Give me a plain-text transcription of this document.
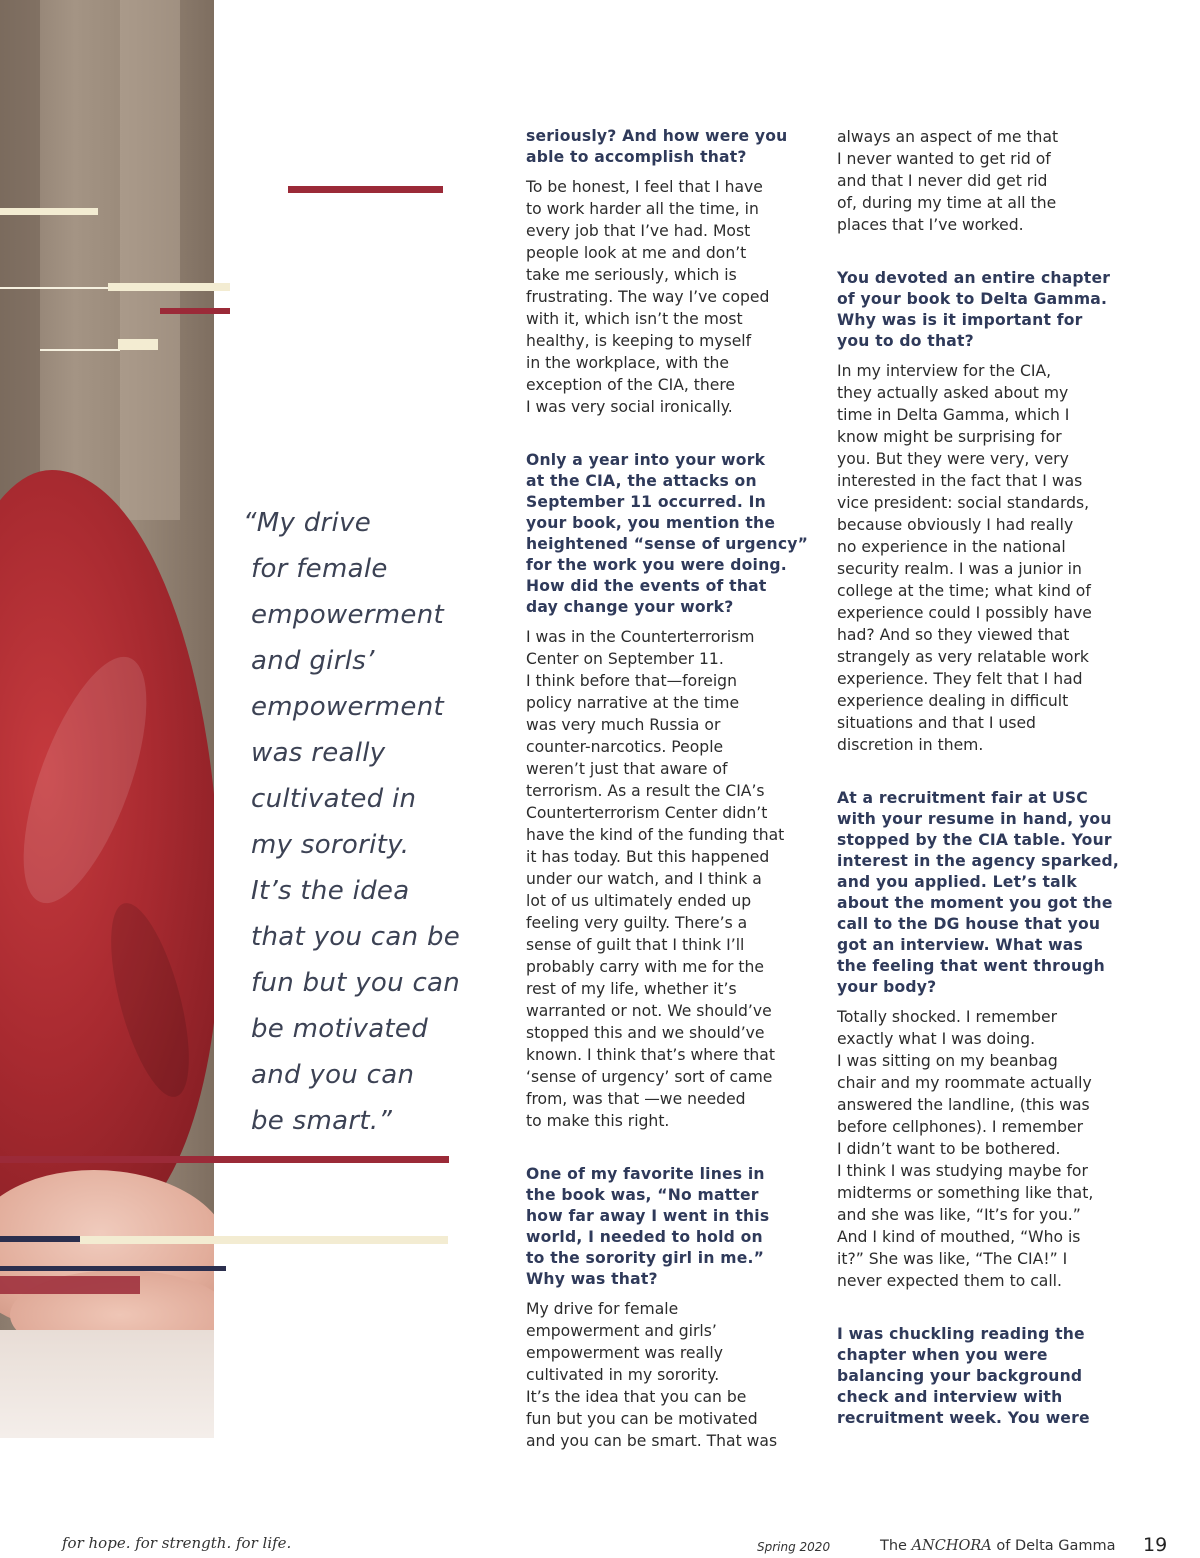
“My drive
for female
empowerment
and girls’
empowerment
was really
cultivated in
my sorority.
It’s the idea
that you can be
fun but you can
be motivated
and you can
be smart.”
seriously? And how were you
able to accomplish that?
To be honest, I feel that I have
to work harder all the time, in
every job that I’ve had. Most
people look at me and don’t
take me seriously, which is
frustrating. The way I’ve coped
with it, which isn’t the most
healthy, is keeping to myself
in the workplace, with the
exception of the CIA, there
I was very social ironically.
Only a year into your work
at the CIA, the attacks on
September 11 occurred. In
your book, you mention the
heightened “sense of urgency”
for the work you were doing.
How did the events of that
day change your work?
I was in the Counterterrorism
Center on September 11.
I think before that—foreign
policy narrative at the time
was very much Russia or
counter-narcotics. People
weren’t just that aware of
terrorism. As a result the CIA’s
Counterterrorism Center didn’t
have the kind of the funding that
it has today. But this happened
under our watch, and I think a
lot of us ultimately ended up
feeling very guilty. There’s a
sense of guilt that I think I’ll
probably carry with me for the
rest of my life, whether it’s
warranted or not. We should’ve
stopped this and we should’ve
known. I think that’s where that
‘sense of urgency’ sort of came
from, was that —we needed
to make this right.
One of my favorite lines in
the book was, “No matter
how far away I went in this
world, I needed to hold on
to the sorority girl in me.”
Why was that?
My drive for female
empowerment and girls’
empowerment was really
cultivated in my sorority.
It’s the idea that you can be
fun but you can be motivated
and you can be smart. That was
always an aspect of me that
I never wanted to get rid of
and that I never did get rid
of, during my time at all the
places that I’ve worked.
You devoted an entire chapter
of your book to Delta Gamma.
Why was is it important for
you to do that?
In my interview for the CIA,
they actually asked about my
time in Delta Gamma, which I
know might be surprising for
you. But they were very, very
interested in the fact that I was
vice president: social standards,
because obviously I had really
no experience in the national
security realm. I was a junior in
college at the time; what kind of
experience could I possibly have
had? And so they viewed that
strangely as very relatable work
experience. They felt that I had
experience dealing in difficult
situations and that I used
discretion in them.
At a recruitment fair at USC
with your resume in hand, you
stopped by the CIA table. Your
interest in the agency sparked,
and you applied. Let’s talk
about the moment you got the
call to the DG house that you
got an interview. What was
the feeling that went through
your body?
Totally shocked. I remember
exactly what I was doing.
I was sitting on my beanbag
chair and my roommate actually
answered the landline, (this was
before cellphones). I remember
I didn’t want to be bothered.
I think I was studying maybe for
midterms or something like that,
and she was like, “It’s for you.”
And I kind of mouthed, “Who is
it?” She was like, “The CIA!” I
never expected them to call.
I was chuckling reading the
chapter when you were
balancing your background
check and interview with
recruitment week. You were
for hope. for strength. for life.	Spring 2020	The ANCHORA of Delta Gamma 19
